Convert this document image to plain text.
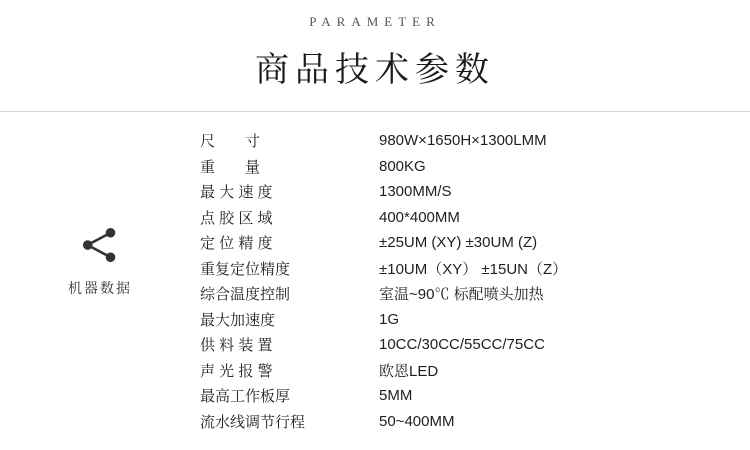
PARAMETER
商品技术参数
机器数据
尺　　寸	980W×1650H×1300LMM
重　　量	800KG
最 大 速 度	1300MM/S
点 胶 区 域	400*400MM
定 位 精 度	±25UM (XY) ±30UM (Z)
重复定位精度	±10UM（XY） ±15UN（Z）
综合温度控制	室温~90℃ 标配喷头加热
最大加速度	1G
供 料 装 置	10CC/30CC/55CC/75CC
声 光 报 警	欧恩LED
最高工作板厚	5MM
流水线调节行程	50~400MM
